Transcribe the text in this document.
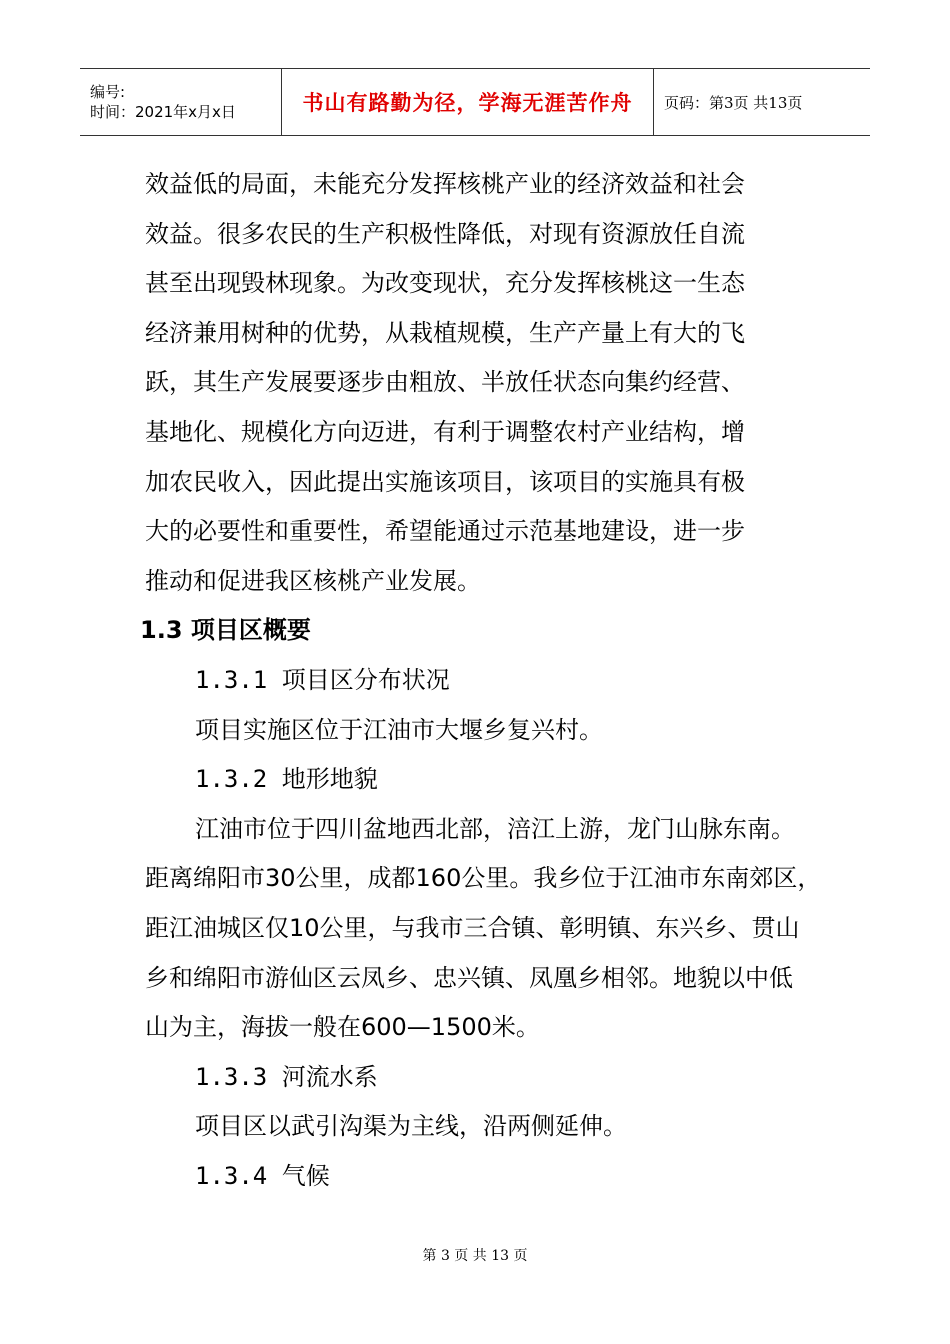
编号:
时间：2021年x月x日	书山有路勤为径，学海无涯苦作舟	页码：第3页 共13页

效益低的局面，未能充分发挥核桃产业的经济效益和社会

效益。很多农民的生产积极性降低，对现有资源放任自流

甚至出现毁林现象。为改变现状，充分发挥核桃这一生态

经济兼用树种的优势，从栽植规模，生产产量上有大的飞

跃，其生产发展要逐步由粗放、半放任状态向集约经营、

基地化、规模化方向迈进，有利于调整农村产业结构，增

加农民收入，因此提出实施该项目，该项目的实施具有极

大的必要性和重要性，希望能通过示范基地建设，进一步

推动和促进我区核桃产业发展。

1.3 项目区概要

1.3.1 项目区分布状况

项目实施区位于江油市大堰乡复兴村。

1.3.2 地形地貌

江油市位于四川盆地西北部，涪江上游，龙门山脉东南。

距离绵阳市30公里，成都160公里。我乡位于江油市东南郊区，

距江油城区仅10公里，与我市三合镇、彰明镇、东兴乡、贯山

乡和绵阳市游仙区云凤乡、忠兴镇、凤凰乡相邻。地貌以中低

山为主，海拔一般在600—1500米。

1.3.3 河流水系

项目区以武引沟渠为主线，沿两侧延伸。

1.3.4 气候

第 3 页 共 13 页
